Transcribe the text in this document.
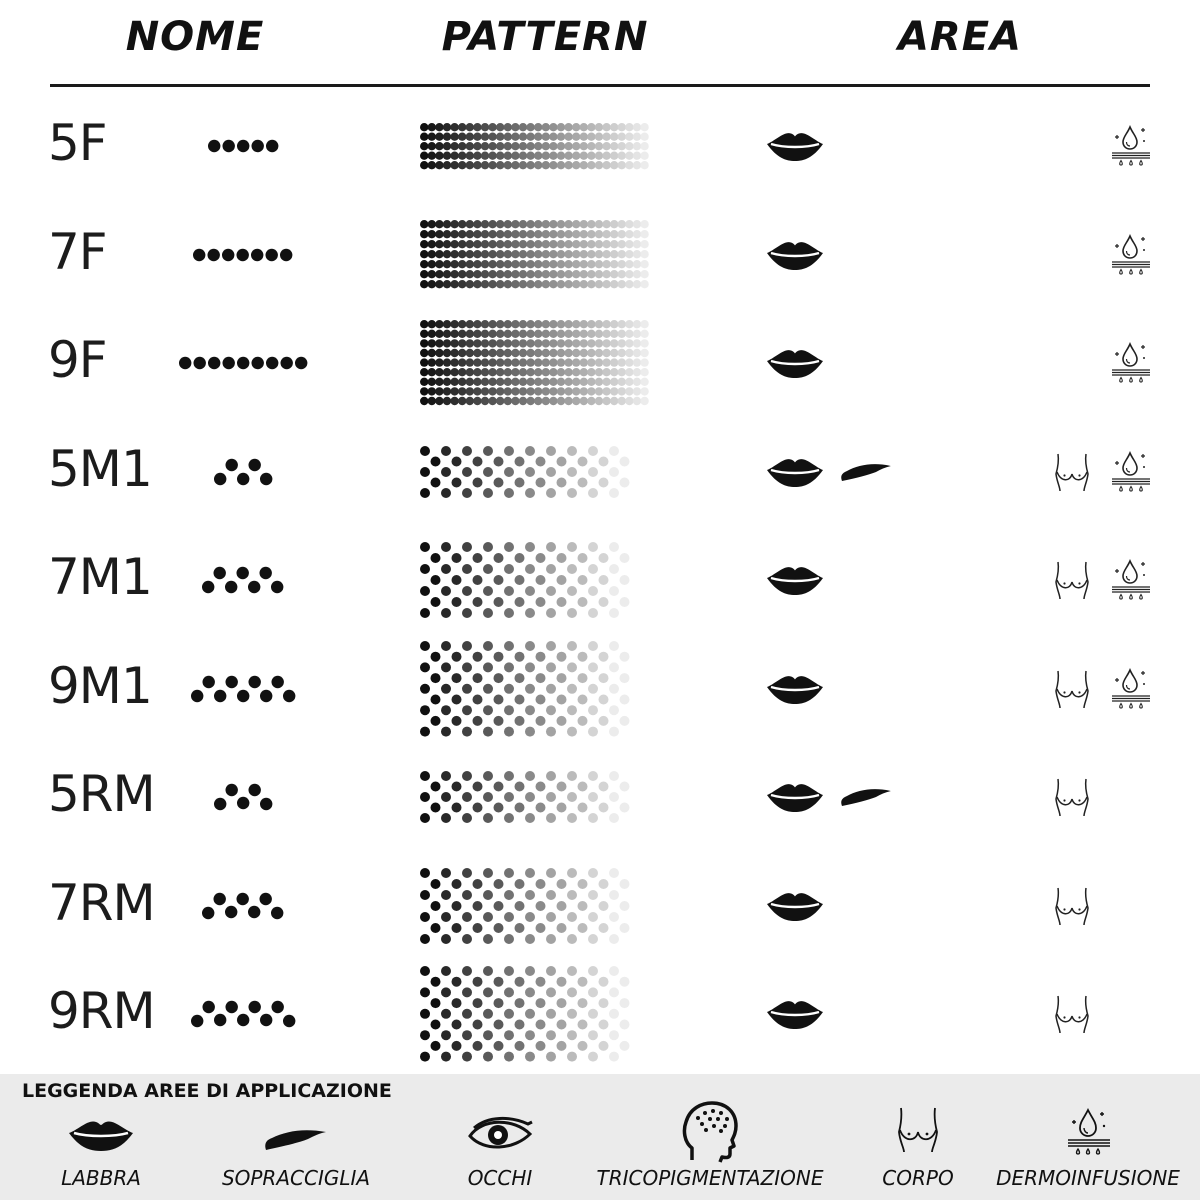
NOME	PATTERN	AREA
5F
7F
9F
5M1
7M1
9M1
5RM
7RM
9RM
LEGGENDA AREE DI APPLICAZIONE
LABBRA	SOPRACCIGLIA	OCCHI	TRICOPIGMENTAZIONE	CORPO	DERMOINFUSIONE
